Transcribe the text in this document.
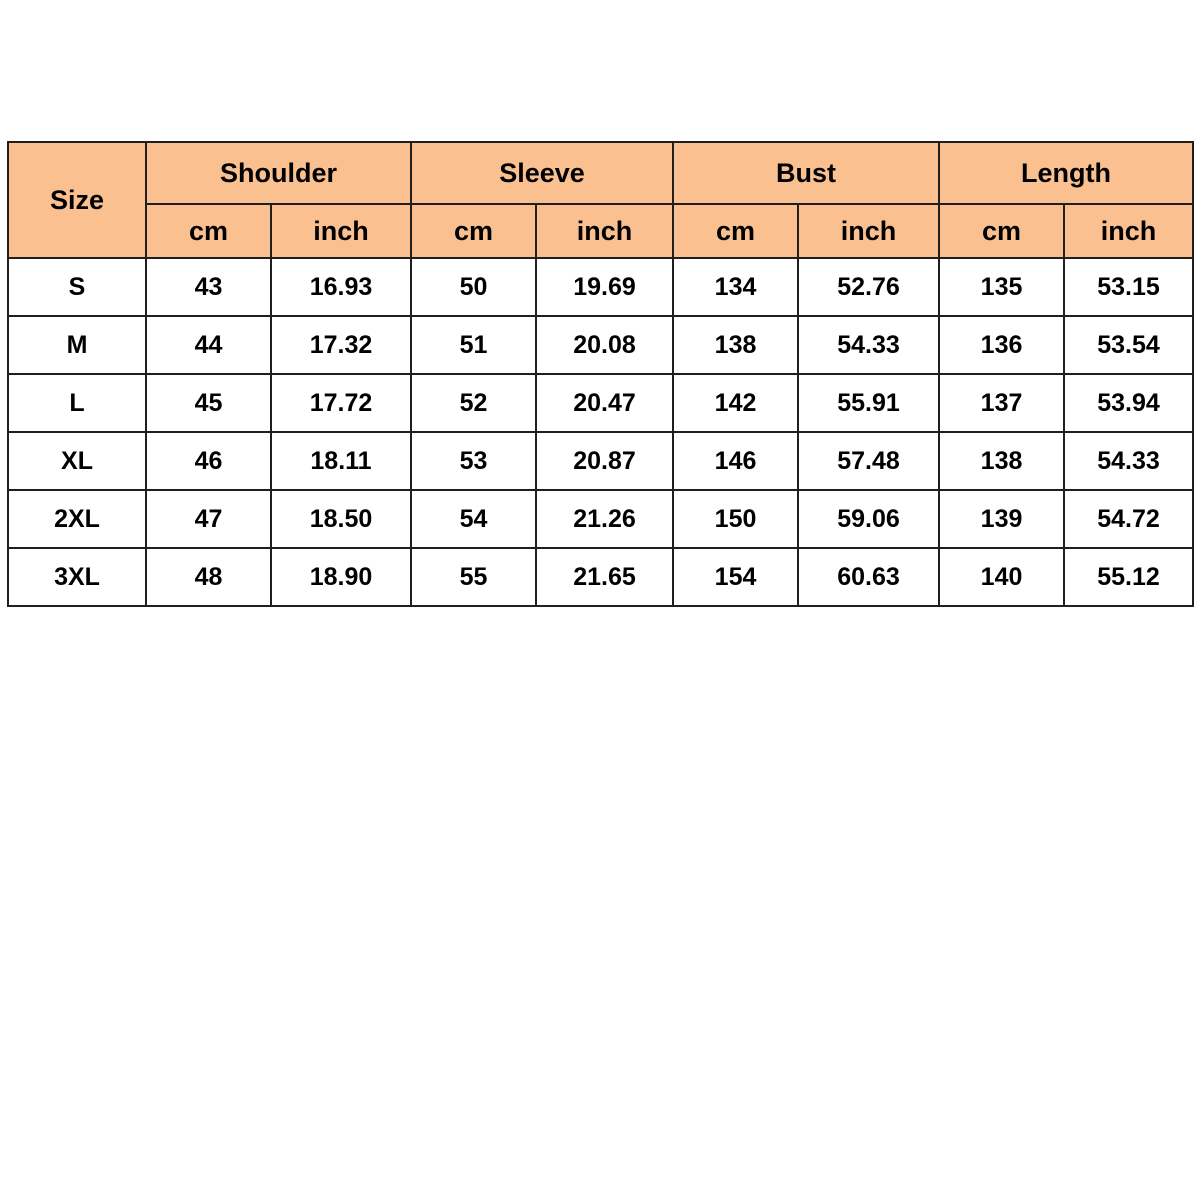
Size	Shoulder		Sleeve		Bust		Length	
	cm	inch	cm	inch	cm	inch	cm	inch
S	43	16.93	50	19.69	134	52.76	135	53.15
M	44	17.32	51	20.08	138	54.33	136	53.54
L	45	17.72	52	20.47	142	55.91	137	53.94
XL	46	18.11	53	20.87	146	57.48	138	54.33
2XL	47	18.50	54	21.26	150	59.06	139	54.72
3XL	48	18.90	55	21.65	154	60.63	140	55.12
